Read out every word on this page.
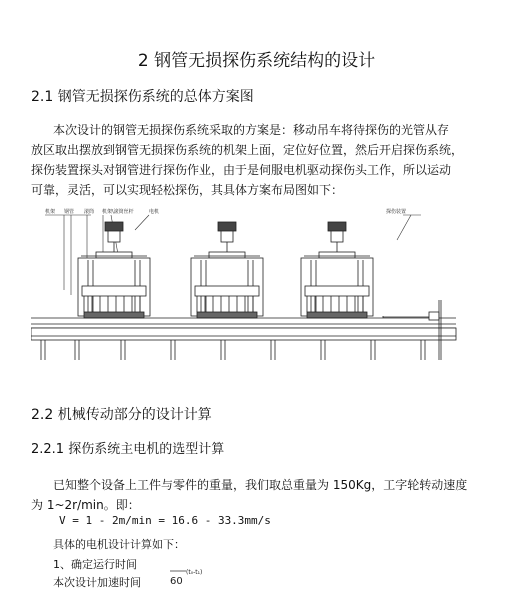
2 钢管无损探伤系统结构的设计
2.1 钢管无损探伤系统的总体方案图
本次设计的钢管无损探伤系统采取的方案是：移动吊车将待探伤的光管从存
放区取出摆放到钢管无损探伤系统的机架上面，定位好位置，然后开启探伤系统，
探伤装置探头对钢管进行探伤作业，由于是伺服电机驱动探伤头工作，所以运动
可靠，灵活，可以实现轻松探伤，其具体方案布局图如下：
机架 钢管 滚筒 机架\滚筒丝杆	电机	探伤装置
2.2 机械传动部分的设计计算
2.2.1 探伤系统主电机的选型计算
已知整个设备上工件与零件的重量，我们取总重量为 150Kg，工字轮转动速度
为 1~2r/min。即：
V = 1 - 2m/min = 16.6 - 33.3mm/s
具体的电机设计计算如下：
1、确定运行时间
本次设计加速时间
(t₀-t₁)
60
